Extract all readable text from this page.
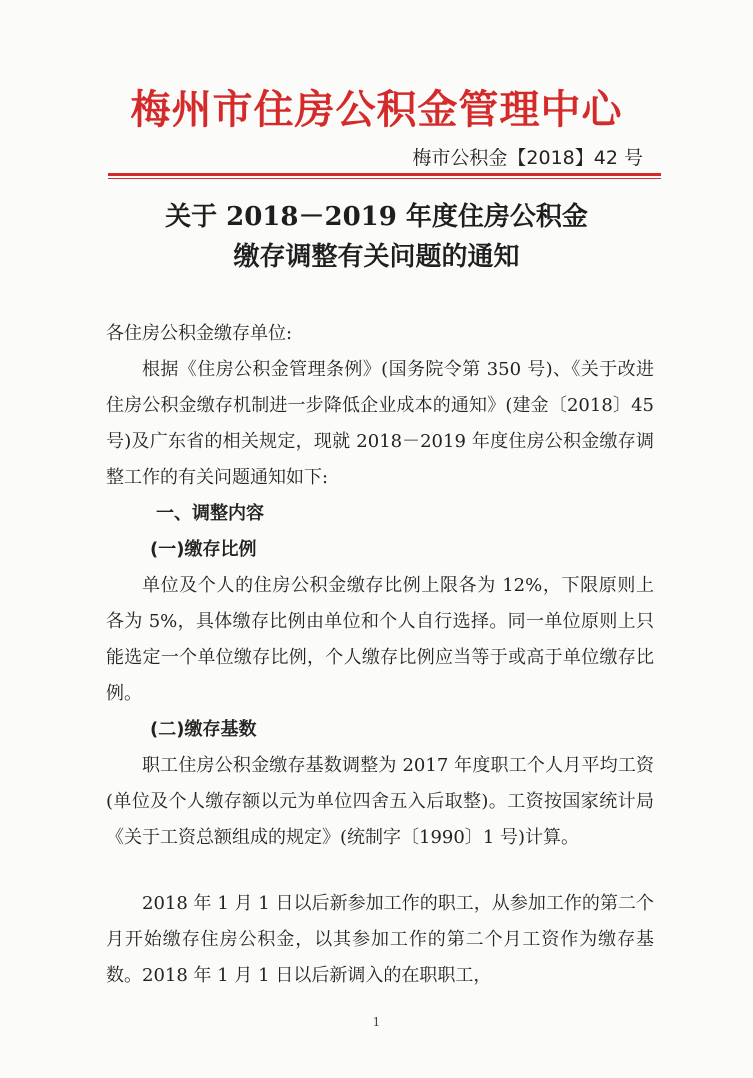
梅州市住房公积金管理中心
梅市公积金【2018】42 号
关于 2018－2019 年度住房公积金
缴存调整有关问题的通知

各住房公积金缴存单位:

根据《住房公积金管理条例》(国务院令第 350 号)、《关于改进住房公积金缴存机制进一步降低企业成本的通知》(建金〔2018〕45 号)及广东省的相关规定，现就 2018－2019 年度住房公积金缴存调整工作的有关问题通知如下:

一、调整内容

(一)缴存比例

单位及个人的住房公积金缴存比例上限各为 12%，下限原则上各为 5%，具体缴存比例由单位和个人自行选择。同一单位原则上只能选定一个单位缴存比例，个人缴存比例应当等于或高于单位缴存比例。

(二)缴存基数

职工住房公积金缴存基数调整为 2017 年度职工个人月平均工资(单位及个人缴存额以元为单位四舍五入后取整)。工资按国家统计局《关于工资总额组成的规定》(统制字〔1990〕1 号)计算。

2018 年 1 月 1 日以后新参加工作的职工，从参加工作的第二个月开始缴存住房公积金，以其参加工作的第二个月工资作为缴存基数。2018 年 1 月 1 日以后新调入的在职职工，

1
